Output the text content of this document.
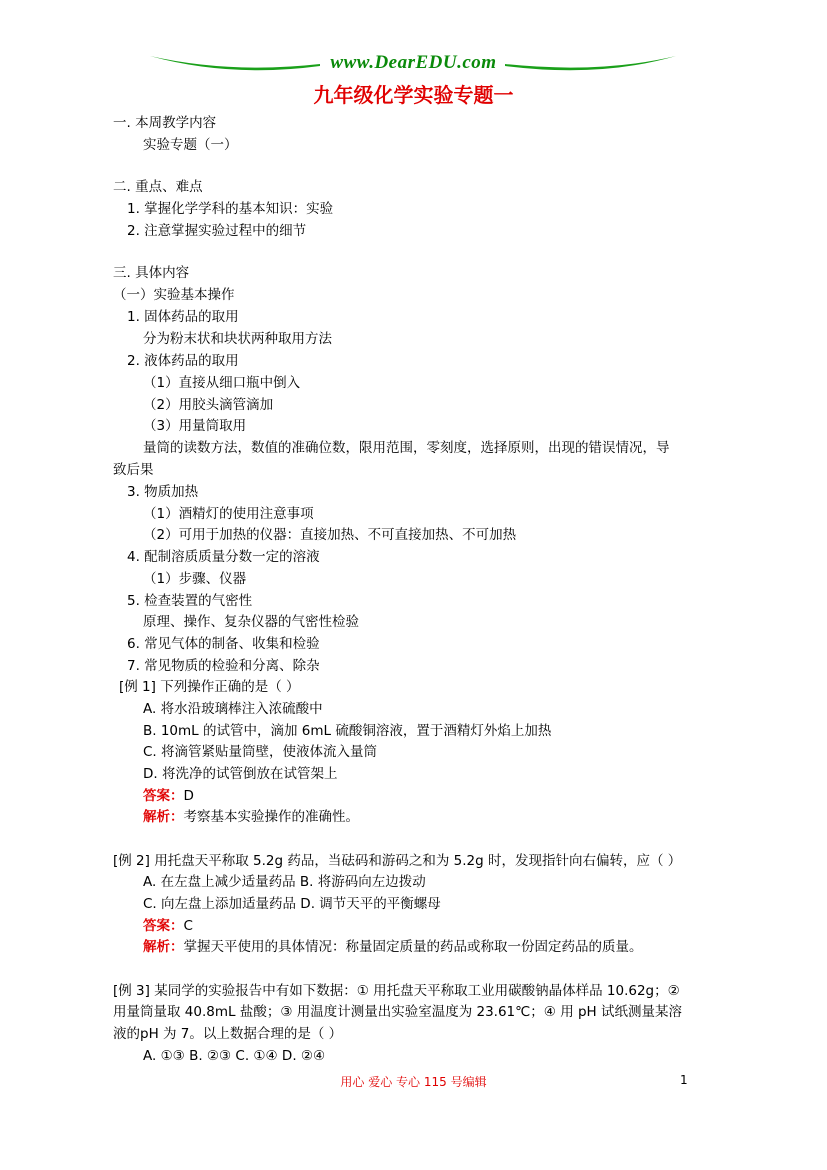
www.DearEDU.com
九年级化学实验专题一
一. 本周教学内容
实验专题（一）
二. 重点、难点
1. 掌握化学学科的基本知识：实验
2. 注意掌握实验过程中的细节
三. 具体内容
（一）实验基本操作
1. 固体药品的取用
分为粉末状和块状两种取用方法
2. 液体药品的取用
（1）直接从细口瓶中倒入
（2）用胶头滴管滴加
（3）用量筒取用
量筒的读数方法，数值的准确位数，限用范围，零刻度，选择原则，出现的错误情况，导
致后果
3. 物质加热
（1）酒精灯的使用注意事项
（2）可用于加热的仪器：直接加热、不可直接加热、不可加热
4. 配制溶质质量分数一定的溶液
（1）步骤、仪器
5. 检查装置的气密性
原理、操作、复杂仪器的气密性检验
6. 常见气体的制备、收集和检验
7. 常见物质的检验和分离、除杂
[例 1] 下列操作正确的是（ ）
A. 将水沿玻璃棒注入浓硫酸中
B. 10mL 的试管中，滴加 6mL 硫酸铜溶液，置于酒精灯外焰上加热
C. 将滴管紧贴量筒壁，使液体流入量筒
D. 将洗净的试管倒放在试管架上
答案：D
解析：考察基本实验操作的准确性。
[例 2] 用托盘天平称取 5.2g 药品，当砝码和游码之和为 5.2g 时，发现指针向右偏转，应（ ）
A. 在左盘上减少适量药品 B. 将游码向左边拨动
C. 向左盘上添加适量药品 D. 调节天平的平衡螺母
答案：C
解析：掌握天平使用的具体情况：称量固定质量的药品或称取一份固定药品的质量。
[例 3] 某同学的实验报告中有如下数据：① 用托盘天平称取工业用碳酸钠晶体样品 10.62g；②
用量筒量取 40.8mL 盐酸；③ 用温度计测量出实验室温度为 23.61℃；④ 用 pH 试纸测量某溶
液的pH 为 7。以上数据合理的是（ ）
A. ①③ B. ②③ C. ①④ D. ②④
用心 爱心 专心 115 号编辑	1
